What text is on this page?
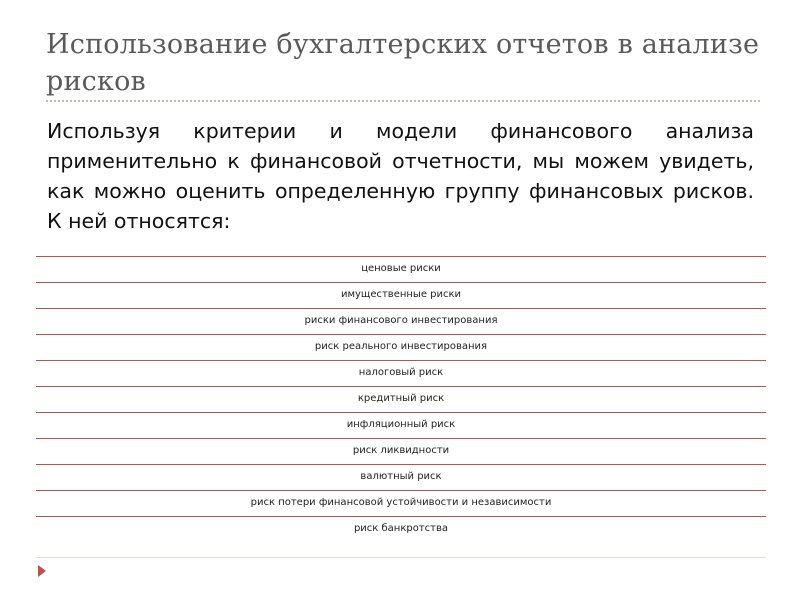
Использование бухгалтерских отчетов в анализе рисков

Используя критерии и модели финансового анализа применительно к финансовой отчетности, мы можем увидеть, как можно оценить определенную группу финансовых рисков. К ней относятся:

ценовые риски
имущественные риски
риски финансового инвестирования
риск реального инвестирования
налоговый риск
кредитный риск
инфляционный риск
риск ликвидности
валютный риск
риск потери финансовой устойчивости и независимости
риск банкротства
